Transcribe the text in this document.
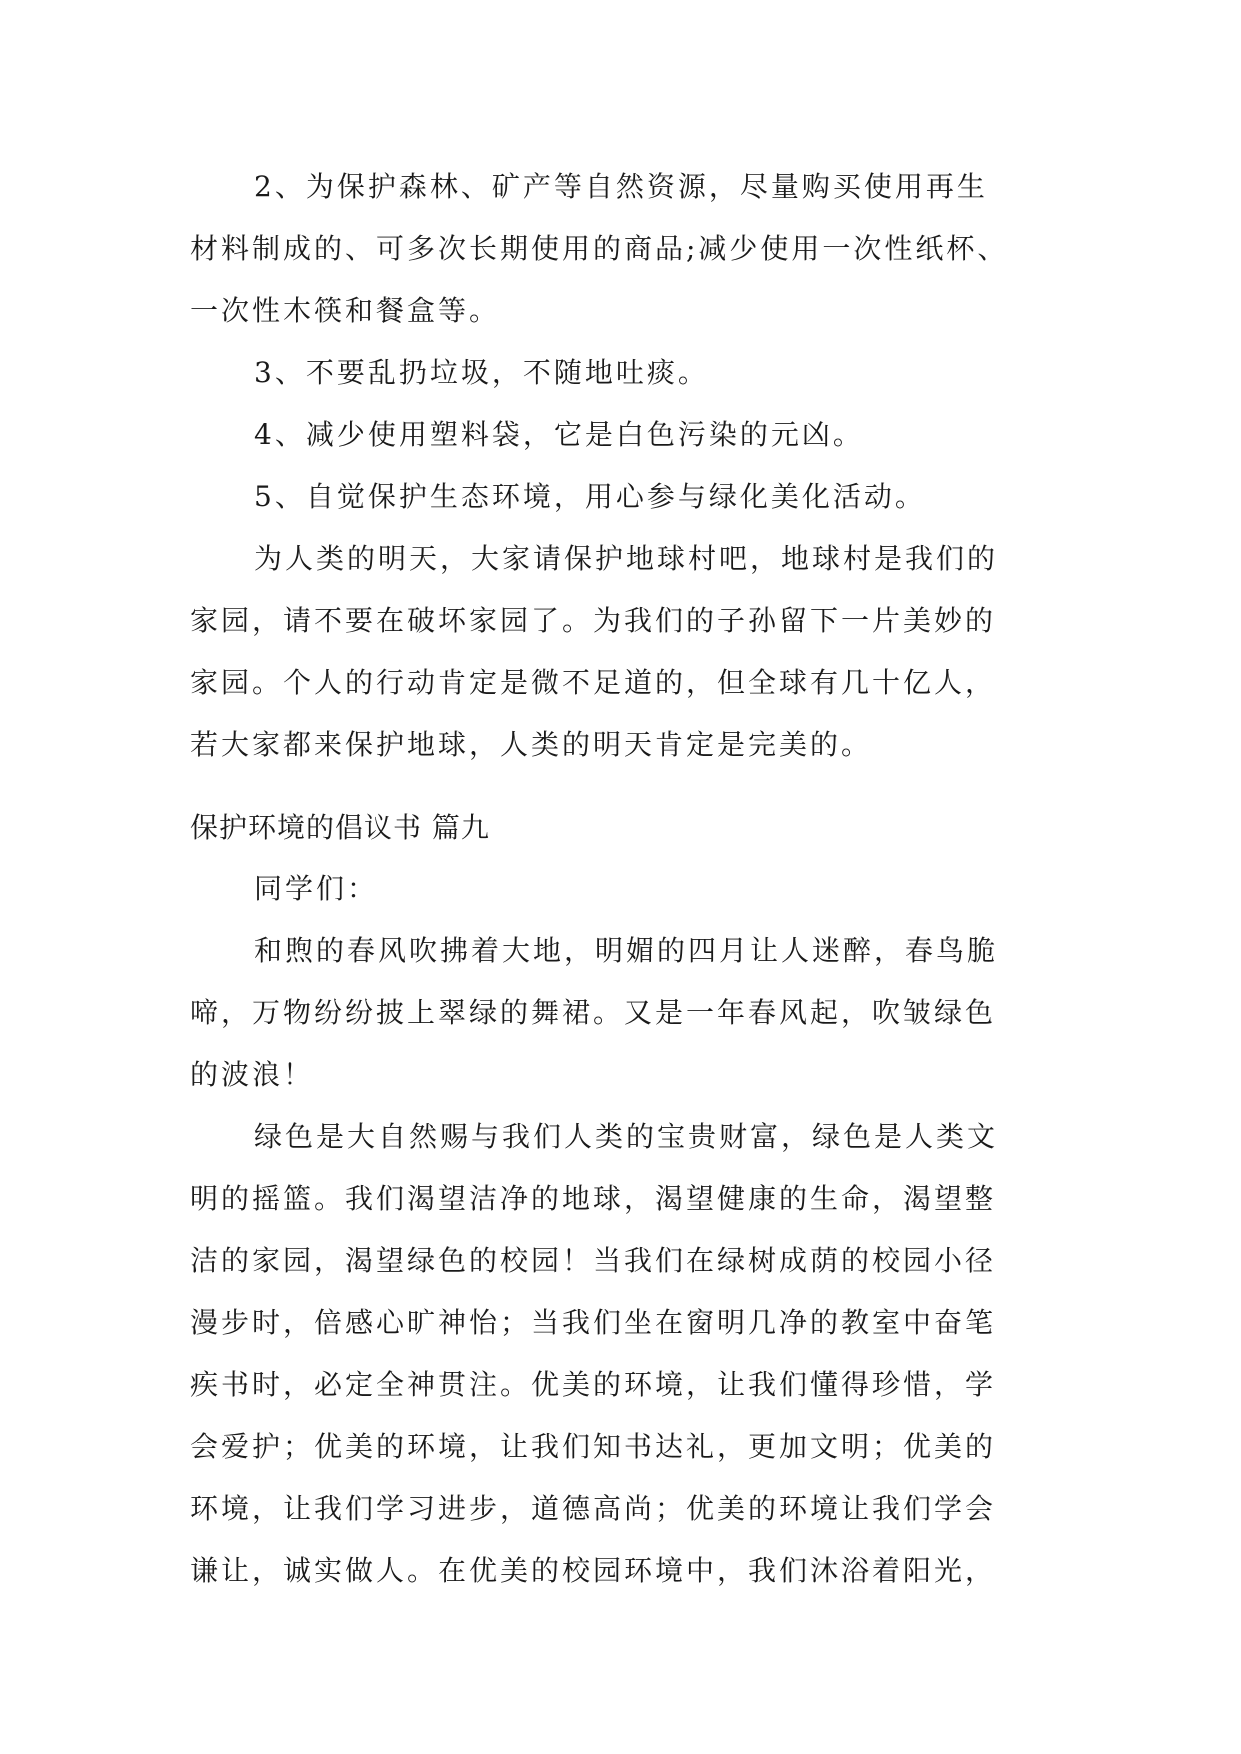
2、为保护森林、矿产等自然资源，尽量购买使用再生
材料制成的、可多次长期使用的商品;减少使用一次性纸杯、
一次性木筷和餐盒等。
3、不要乱扔垃圾，不随地吐痰。
4、减少使用塑料袋，它是白色污染的元凶。
5、自觉保护生态环境，用心参与绿化美化活动。
为人类的明天，大家请保护地球村吧，地球村是我们的
家园，请不要在破坏家园了。为我们的子孙留下一片美妙的
家园。个人的行动肯定是微不足道的，但全球有几十亿人，
若大家都来保护地球，人类的明天肯定是完美的。
保护环境的倡议书 篇九
同学们：
和煦的春风吹拂着大地，明媚的四月让人迷醉，春鸟脆
啼，万物纷纷披上翠绿的舞裙。又是一年春风起，吹皱绿色
的波浪！
绿色是大自然赐与我们人类的宝贵财富，绿色是人类文
明的摇篮。我们渴望洁净的地球，渴望健康的生命，渴望整
洁的家园，渴望绿色的校园！当我们在绿树成荫的校园小径
漫步时，倍感心旷神怡；当我们坐在窗明几净的教室中奋笔
疾书时，必定全神贯注。优美的环境，让我们懂得珍惜，学
会爱护；优美的环境，让我们知书达礼，更加文明；优美的
环境，让我们学习进步，道德高尚；优美的环境让我们学会
谦让，诚实做人。在优美的校园环境中，我们沐浴着阳光，
